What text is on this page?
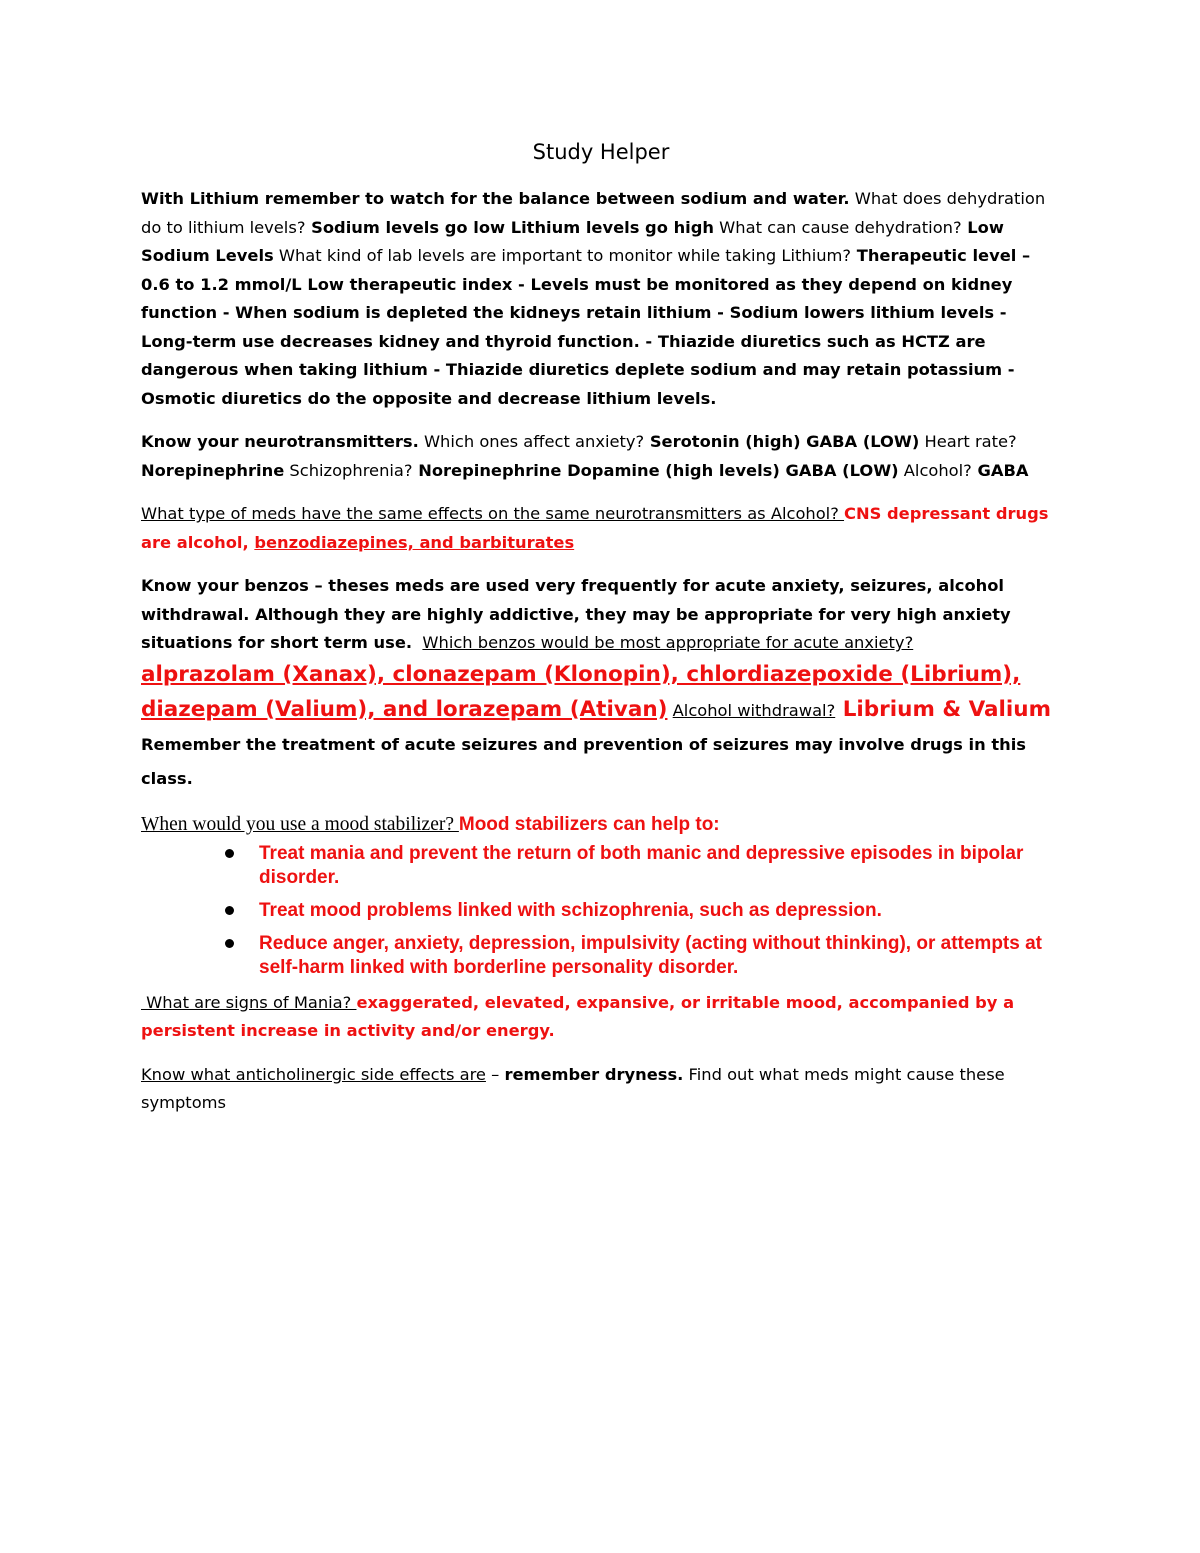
Study Helper

With Lithium remember to watch for the balance between sodium and water. What does dehydration do to lithium levels? Sodium levels go low Lithium levels go high What can cause dehydration? Low Sodium Levels What kind of lab levels are important to monitor while taking Lithium? Therapeutic level – 0.6 to 1.2 mmol/L Low therapeutic index - Levels must be monitored as they depend on kidney function - When sodium is depleted the kidneys retain lithium - Sodium lowers lithium levels - Long-term use decreases kidney and thyroid function. - Thiazide diuretics such as HCTZ are dangerous when taking lithium - Thiazide diuretics deplete sodium and may retain potassium - Osmotic diuretics do the opposite and decrease lithium levels.

Know your neurotransmitters. Which ones affect anxiety? Serotonin (high) GABA (LOW) Heart rate? Norepinephrine Schizophrenia? Norepinephrine Dopamine (high levels) GABA (LOW) Alcohol? GABA

What type of meds have the same effects on the same neurotransmitters as Alcohol? CNS depressant drugs are alcohol, benzodiazepines, and barbiturates

Know your benzos – theses meds are used very frequently for acute anxiety, seizures, alcohol withdrawal. Although they are highly addictive, they may be appropriate for very high anxiety situations for short term use. Which benzos would be most appropriate for acute anxiety?

alprazolam (Xanax), clonazepam (Klonopin), chlordiazepoxide (Librium), diazepam (Valium), and lorazepam (Ativan) Alcohol withdrawal? Librium & Valium Remember the treatment of acute seizures and prevention of seizures may involve drugs in this class.

When would you use a mood stabilizer? Mood stabilizers can help to:

Treat mania and prevent the return of both manic and depressive episodes in bipolar disorder.
Treat mood problems linked with schizophrenia, such as depression.
Reduce anger, anxiety, depression, impulsivity (acting without thinking), or attempts at self-harm linked with borderline personality disorder.

What are signs of Mania? exaggerated, elevated, expansive, or irritable mood, accompanied by a persistent increase in activity and/or energy.

Know what anticholinergic side effects are – remember dryness. Find out what meds might cause these symptoms
